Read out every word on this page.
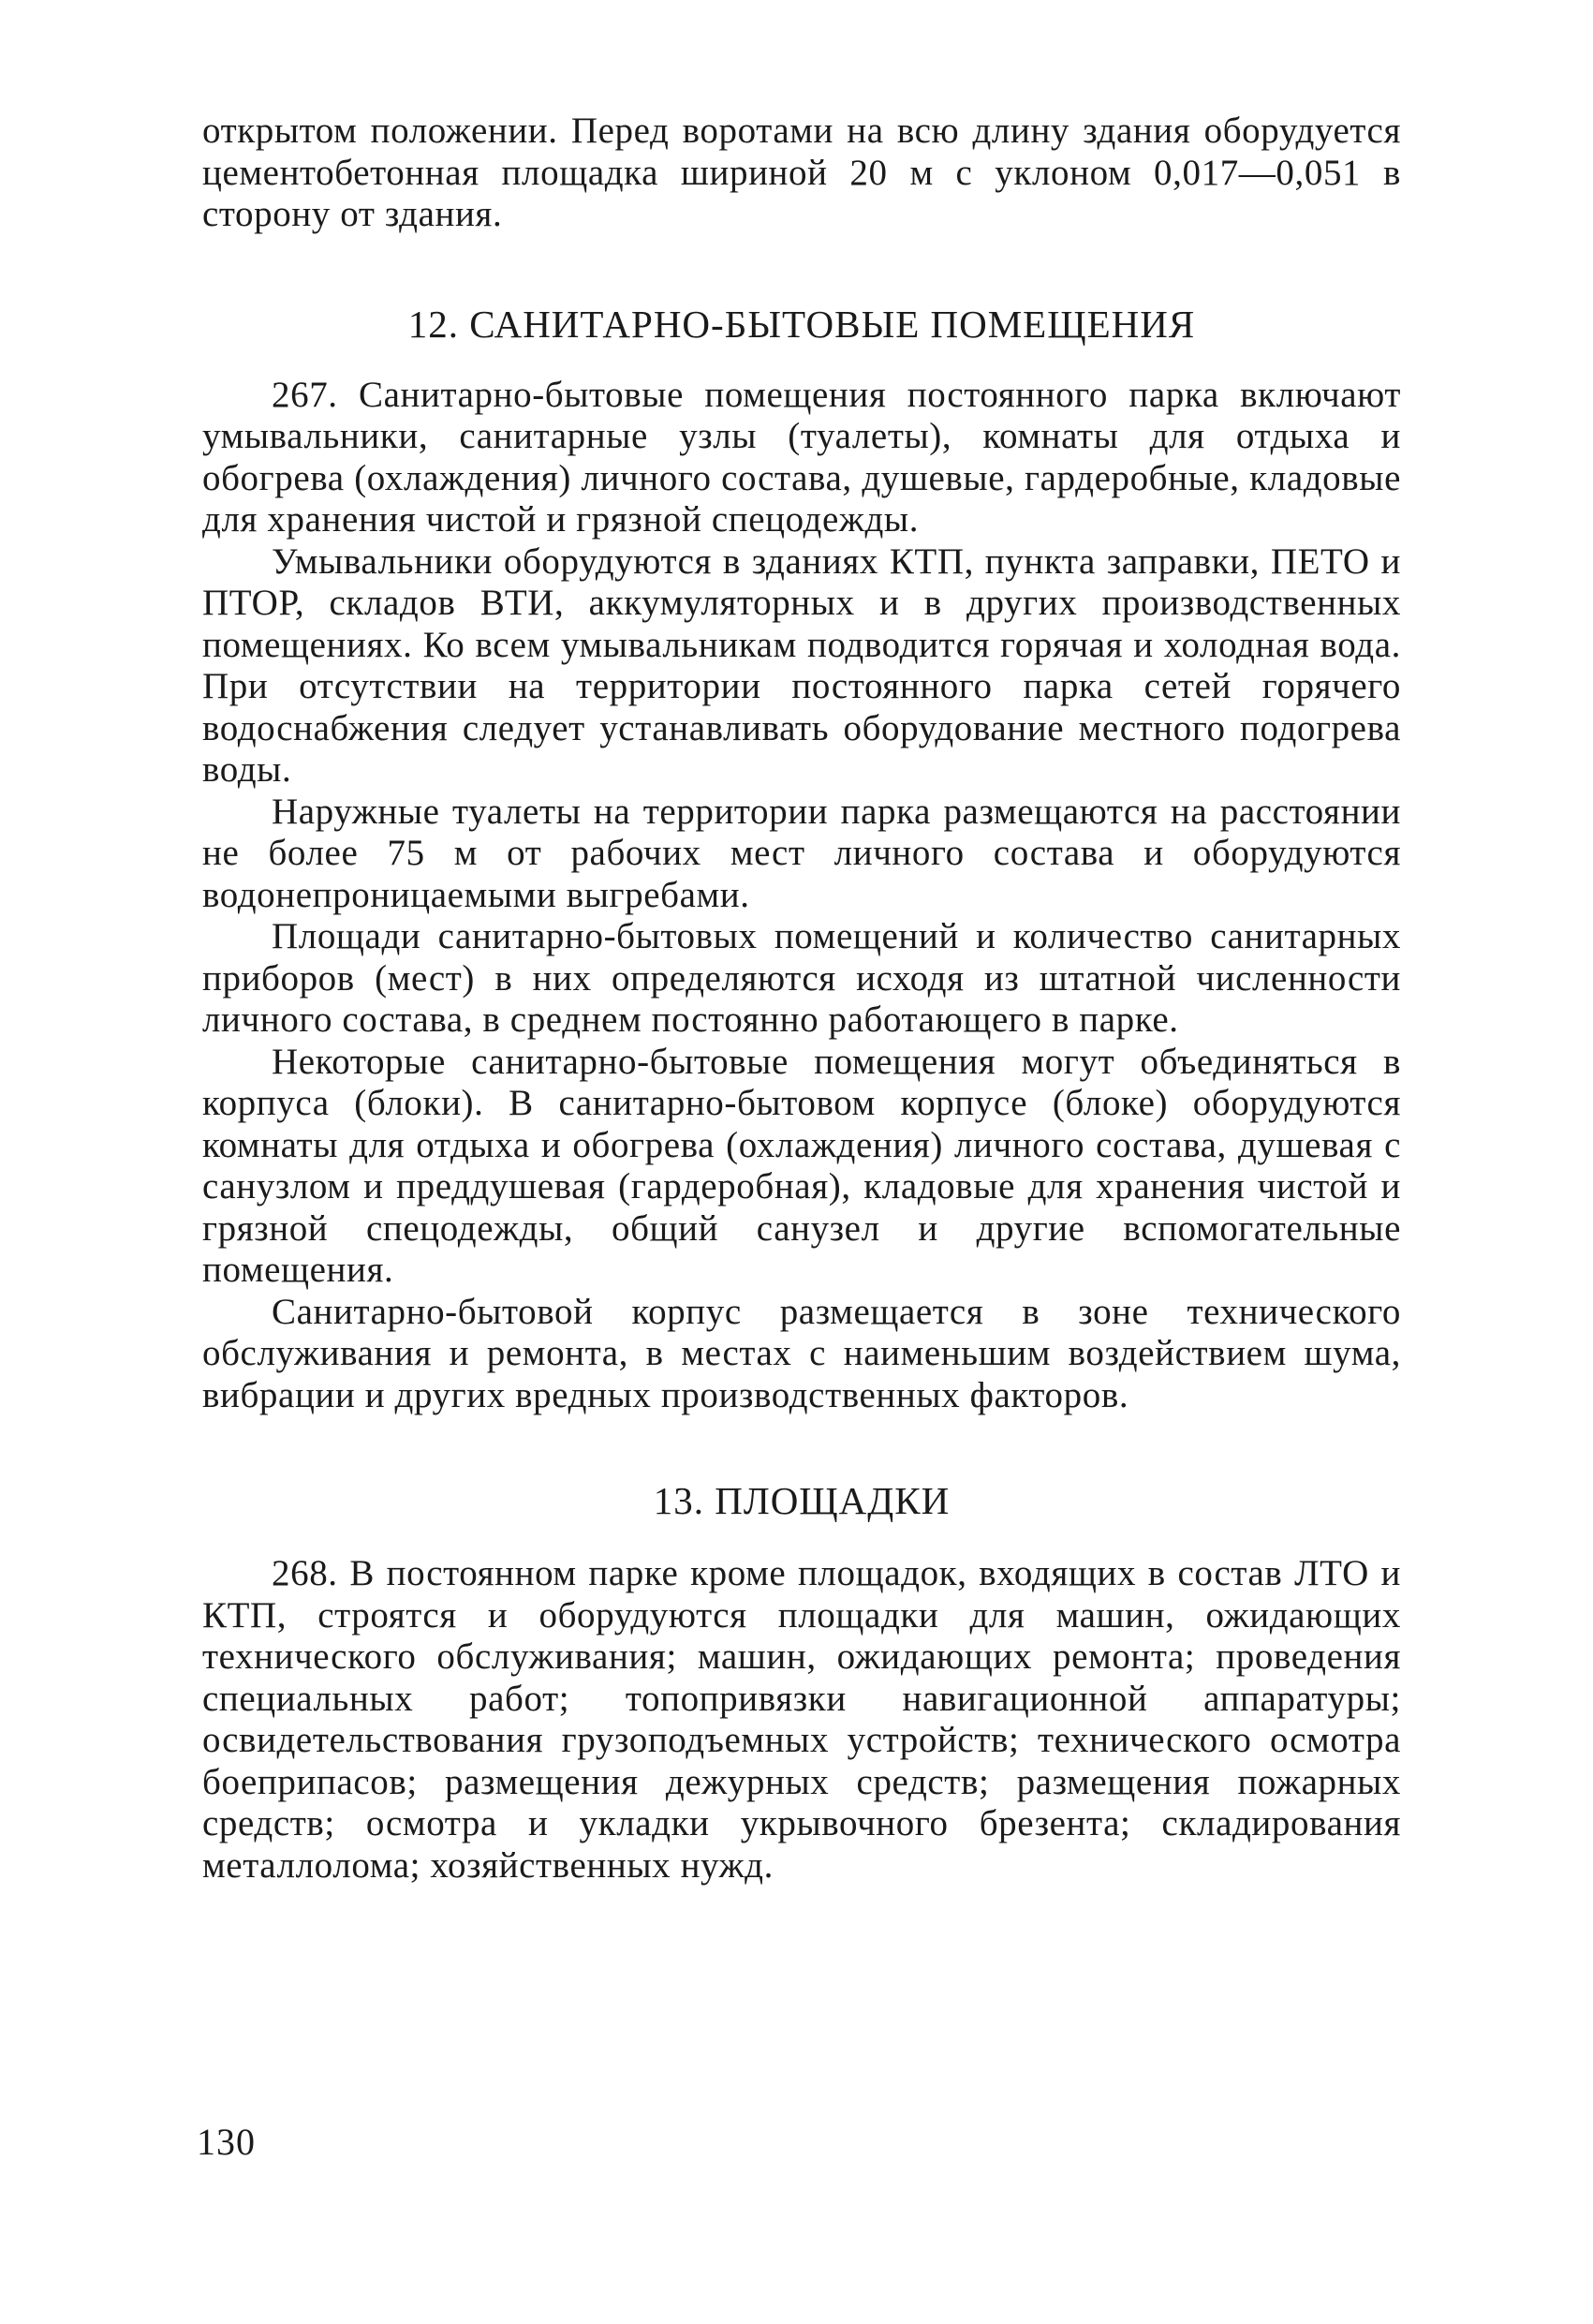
открытом положении. Перед воротами на всю длину здания оборудуется цементобетонная площадка шириной 20 м с уклоном 0,017—0,051 в сторону от здания.

12. САНИТАРНО-БЫТОВЫЕ ПОМЕЩЕНИЯ

267. Санитарно-бытовые помещения постоянного парка включают умывальники, санитарные узлы (туалеты), комнаты для отдыха и обогрева (охлаждения) личного состава, душевые, гардеробные, кладовые для хранения чистой и грязной спецодежды.

Умывальники оборудуются в зданиях КТП, пункта заправки, ПЕТО и ПТОР, складов ВТИ, аккумуляторных и в других производственных помещениях. Ко всем умывальникам подводится горячая и холодная вода. При отсутствии на территории постоянного парка сетей горячего водоснабжения следует устанавливать оборудование местного подогрева воды.

Наружные туалеты на территории парка размещаются на расстоянии не более 75 м от рабочих мест личного состава и оборудуются водонепроницаемыми выгребами.

Площади санитарно-бытовых помещений и количество санитарных приборов (мест) в них определяются исходя из штатной численности личного состава, в среднем постоянно работающего в парке.

Некоторые санитарно-бытовые помещения могут объединяться в корпуса (блоки). В санитарно-бытовом корпусе (блоке) оборудуются комнаты для отдыха и обогрева (охлаждения) личного состава, душевая с санузлом и преддушевая (гардеробная), кладовые для хранения чистой и грязной спецодежды, общий санузел и другие вспомогательные помещения.

Санитарно-бытовой корпус размещается в зоне технического обслуживания и ремонта, в местах с наименьшим воздействием шума, вибрации и других вредных производственных факторов.

13. ПЛОЩАДКИ

268. В постоянном парке кроме площадок, входящих в состав ЛТО и КТП, строятся и оборудуются площадки для машин, ожидающих технического обслуживания; машин, ожидающих ремонта; проведения специальных работ; топопривязки навигационной аппаратуры; освидетельствования грузоподъемных устройств; технического осмотра боеприпасов; размещения дежурных средств; размещения пожарных средств; осмотра и укладки укрывочного брезента; складирования металлолома; хозяйственных нужд.

130
